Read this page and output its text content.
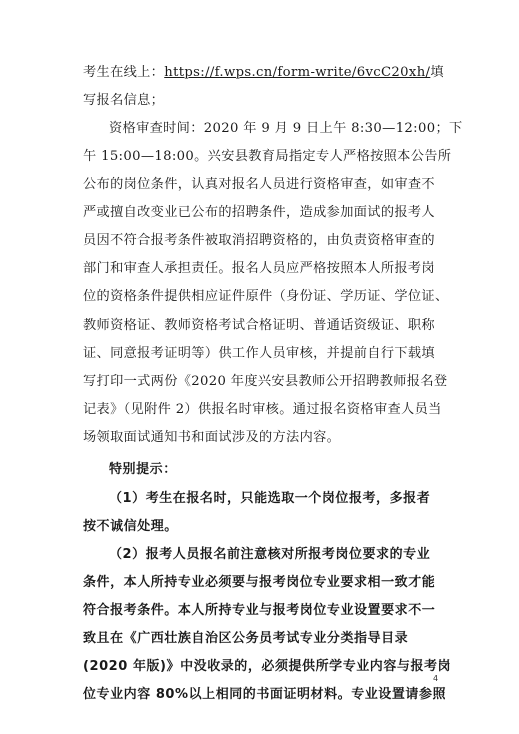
考生在线上：https://f.wps.cn/form-write/6vcC20xh/填
写报名信息；
资格审查时间：2020 年 9 月 9 日上午 8:30—12:00；下
午 15:00—18:00。兴安县教育局指定专人严格按照本公告所
公布的岗位条件，认真对报名人员进行资格审查，如审查不
严或擅自改变业已公布的招聘条件，造成参加面试的报考人
员因不符合报考条件被取消招聘资格的，由负责资格审查的
部门和审查人承担责任。报名人员应严格按照本人所报考岗
位的资格条件提供相应证件原件（身份证、学历证、学位证、
教师资格证、教师资格考试合格证明、普通话资级证、职称
证、同意报考证明等）供工作人员审核，并提前自行下载填
写打印一式两份《2020 年度兴安县教师公开招聘教师报名登
记表》（见附件 2）供报名时审核。通过报名资格审查人员当
场领取面试通知书和面试涉及的方法内容。
特别提示：
（1）考生在报名时，只能选取一个岗位报考，多报者
按不诚信处理。
（2）报考人员报名前注意核对所报考岗位要求的专业
条件，本人所持专业必须要与报考岗位专业要求相一致才能
符合报考条件。本人所持专业与报考岗位专业设置要求不一
致且在《广西壮族自治区公务员考试专业分类指导目录
(2020 年版)》中没收录的，必须提供所学专业内容与报考岗
位专业内容 80%以上相同的书面证明材料。专业设置请参照
4
